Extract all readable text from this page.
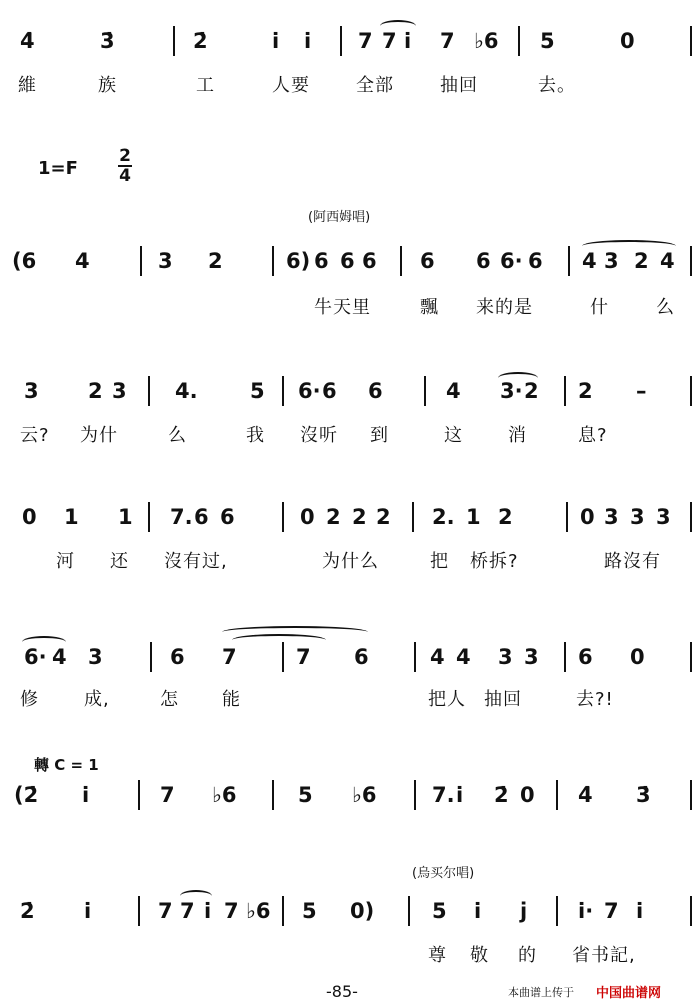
4̇	3̇	2̇	i̇ i̇ 7 7 i̇ 7 ♭6 5	0
維	族	工	人要	全部	抽回	去。
1=F
2
4
(阿西姆唱)
(6 4	3 2	6) 6 6 6 6 6 6· 6 4 3 2 4
牛天里	飄 来的是	什	么
3 2 3 4. 5 6· 6 6	4 3· 2 2 –
云? 为什	么	我 沒听 到	这	消	息?
0 1 1 7. 6 6	0 2 2 2 2. 1 2	0 3 3 3
河 还 沒有过,	为什么	把 桥拆?	路沒有
6· 4 3	6 7	7 6	4 4 3 3 6 0
修	成,	怎 能	把人 抽回	去?!
轉 C = 1
(2̇ i̇	7 ♭6	5 ♭6	7. i̇ 2̇ 0 4̇ 3̇
(烏买尔唱)
2̇ i̇	7 7 i̇ 7 ♭6 5 0)	5 i̇ j i̇· 7 i̇
尊 敬 的 省书記,
-85-	本曲谱上传于 中国曲谱网
